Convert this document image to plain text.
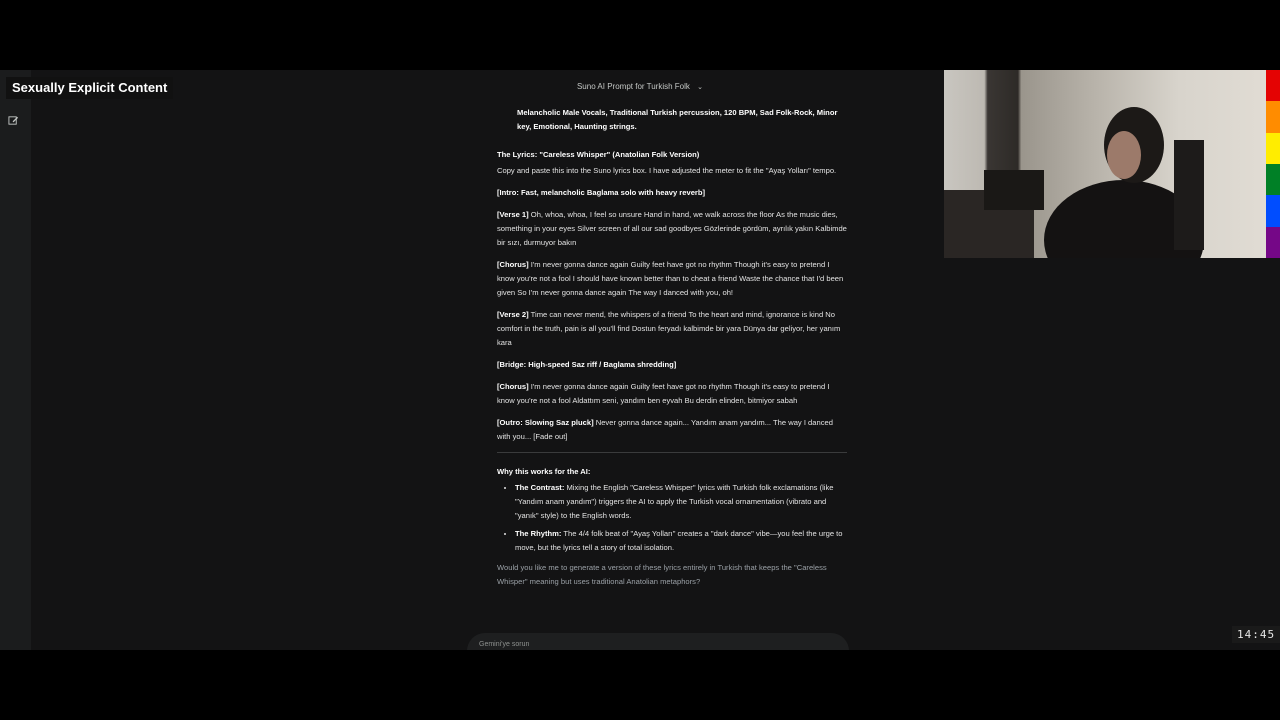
Suno AI Prompt for Turkish Folk ⌄

Melancholic Male Vocals, Traditional Turkish percussion, 120 BPM, Sad Folk-Rock, Minor key, Emotional, Haunting strings.

The Lyrics: "Careless Whisper" (Anatolian Folk Version)

Copy and paste this into the Suno lyrics box. I have adjusted the meter to fit the "Ayaş Yolları" tempo.

[Intro: Fast, melancholic Baglama solo with heavy reverb]

[Verse 1] Oh, whoa, whoa, I feel so unsure Hand in hand, we walk across the floor As the music dies, something in your eyes Silver screen of all our sad goodbyes Gözlerinde gördüm, ayrılık yakın Kalbimde bir sızı, durmuyor bakın

[Chorus] I'm never gonna dance again Guilty feet have got no rhythm Though it's easy to pretend I know you're not a fool I should have known better than to cheat a friend Waste the chance that I'd been given So I'm never gonna dance again The way I danced with you, oh!

[Verse 2] Time can never mend, the whispers of a friend To the heart and mind, ignorance is kind No comfort in the truth, pain is all you'll find Dostun feryadı kalbimde bir yara Dünya dar geliyor, her yanım kara

[Bridge: High-speed Saz riff / Baglama shredding]

[Chorus] I'm never gonna dance again Guilty feet have got no rhythm Though it's easy to pretend I know you're not a fool Aldattım seni, yandım ben eyvah Bu derdin elinden, bitmiyor sabah

[Outro: Slowing Saz pluck] Never gonna dance again... Yandım anam yandım... The way I danced with you... [Fade out]

Why this works for the AI:

• The Contrast: Mixing the English "Careless Whisper" lyrics with Turkish folk exclamations (like "Yandım anam yandım") triggers the AI to apply the Turkish vocal ornamentation (vibrato and "yanık" style) to the English words.
• The Rhythm: The 4/4 folk beat of "Ayaş Yolları" creates a "dark dance" vibe—you feel the urge to move, but the lyrics tell a story of total isolation.

Would you like me to generate a version of these lyrics entirely in Turkish that keeps the "Careless Whisper" meaning but uses traditional Anatolian metaphors?

Gemini'ye sorun
14:45
Sexually Explicit Content
